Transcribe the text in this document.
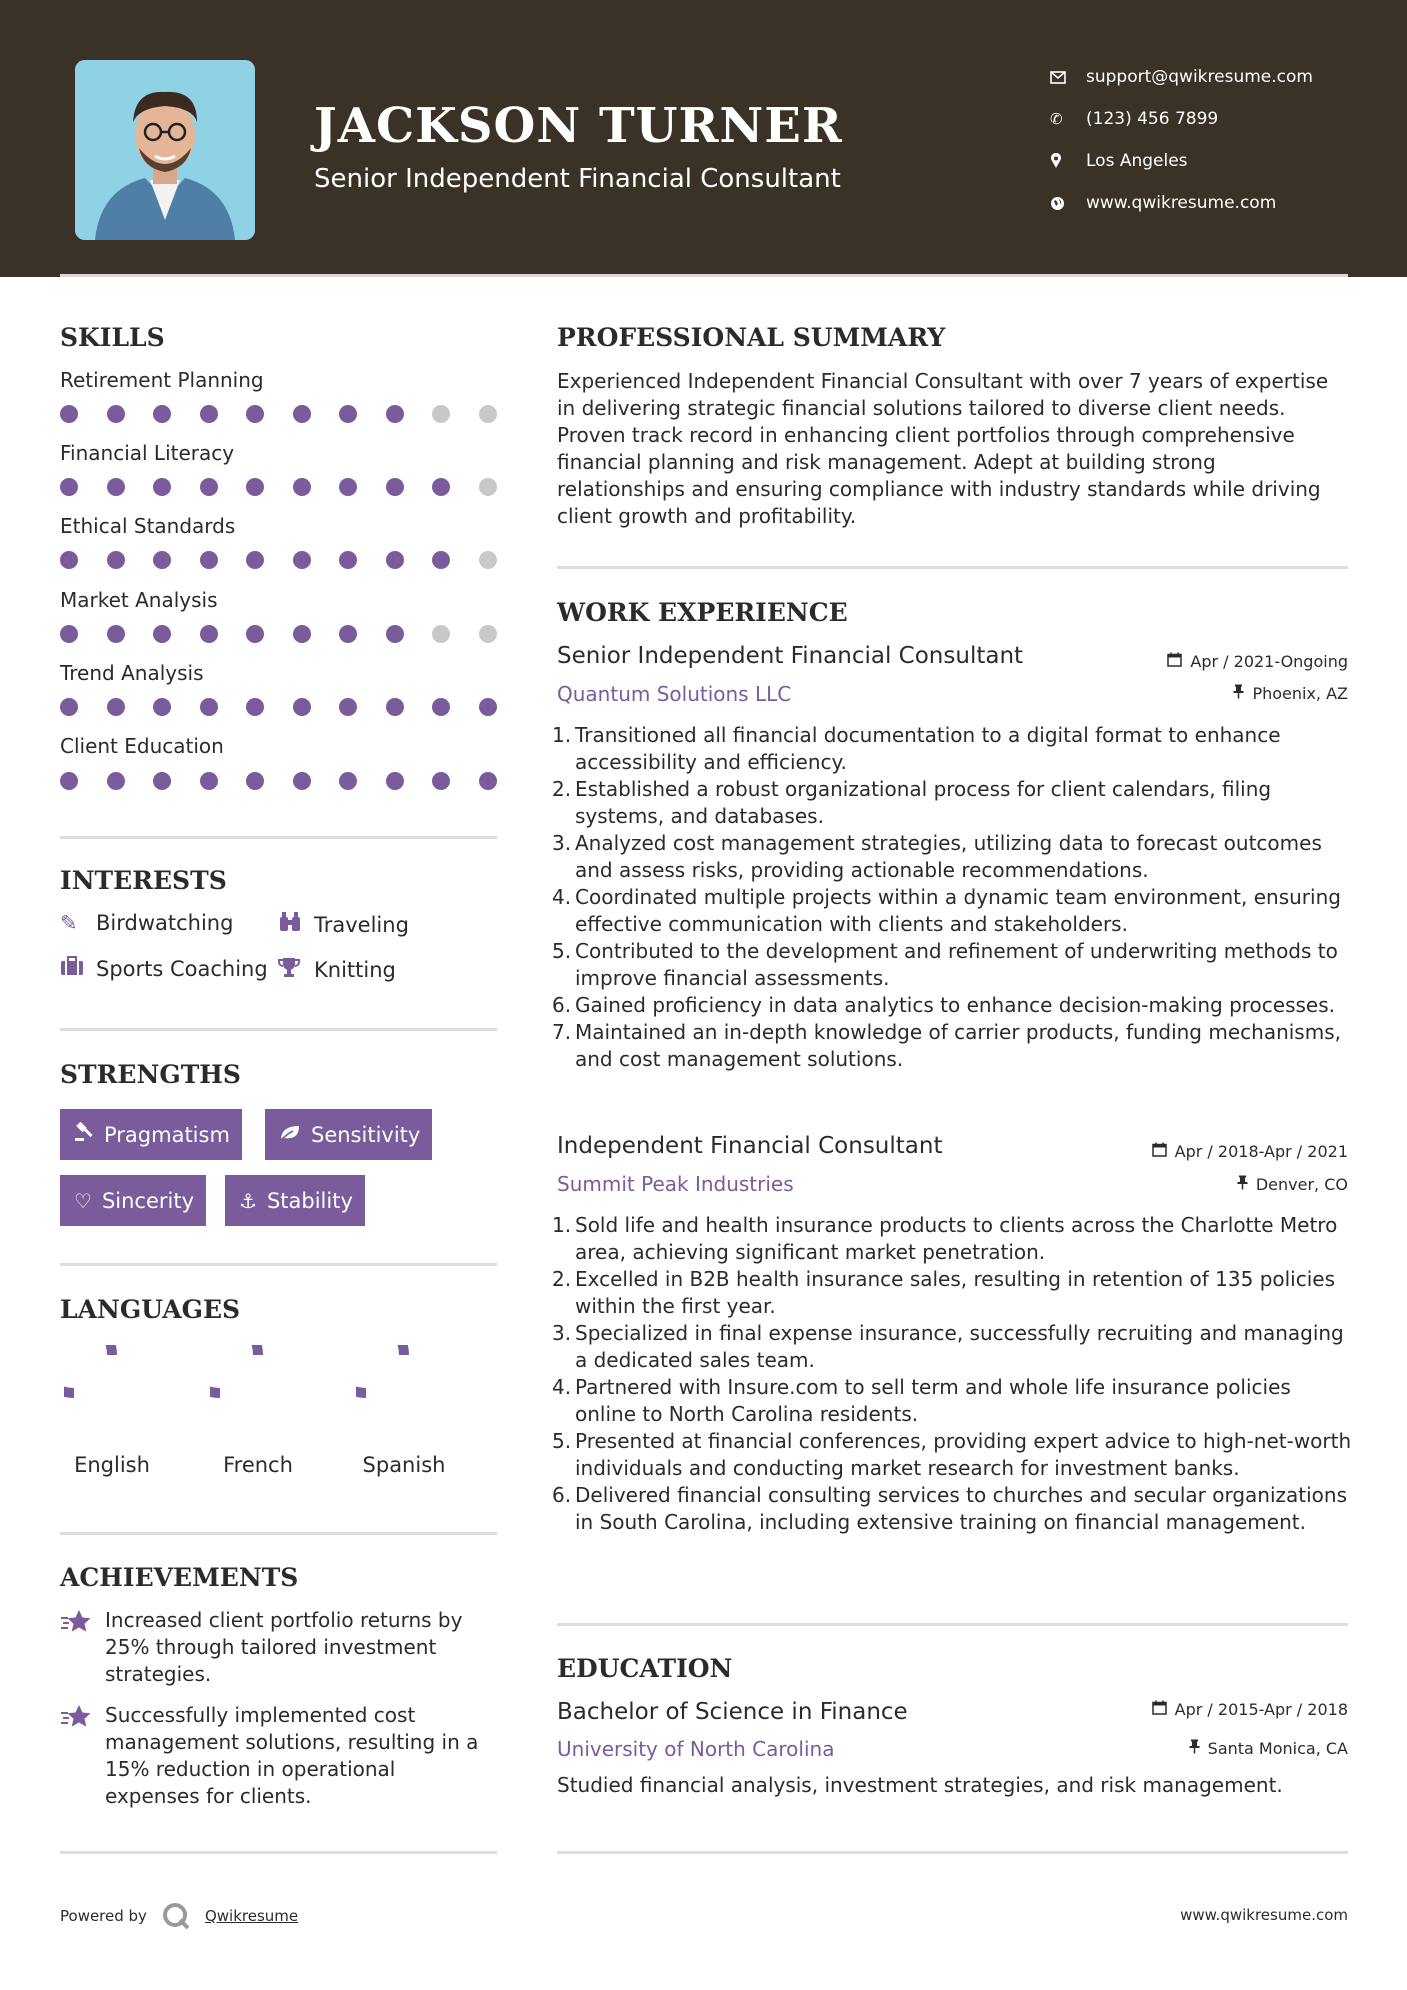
JACKSON TURNER
Senior Independent Financial Consultant
support@qwikresume.com
✆	(123) 456 7899
Los Angeles
www.qwikresume.com
SKILLS
Retirement Planning
Financial Literacy
Ethical Standards
Market Analysis
Trend Analysis
Client Education
INTERESTS
✎ Birdwatching	Traveling
Sports Coaching Knitting
STRENGTHS
Pragmatism	Sensitivity
♡ Sincerity ⚓ Stability
LANGUAGES
English	French	Spanish
ACHIEVEMENTS
Increased client portfolio returns by 25% through tailored investment strategies.
Successfully implemented cost management solutions, resulting in a 15% reduction in operational expenses for clients.
PROFESSIONAL SUMMARY
Experienced Independent Financial Consultant with over 7 years of expertise in delivering strategic financial solutions tailored to diverse client needs. Proven track record in enhancing client portfolios through comprehensive financial planning and risk management. Adept at building strong relationships and ensuring compliance with industry standards while driving client growth and profitability.
WORK EXPERIENCE
Senior Independent Financial Consultant	Apr / 2021-Ongoing
Quantum Solutions LLC	Phoenix, AZ
1. Transitioned all financial documentation to a digital format to enhance accessibility and efficiency.
2. Established a robust organizational process for client calendars, filing systems, and databases.
3. Analyzed cost management strategies, utilizing data to forecast outcomes and assess risks, providing actionable recommendations.
4. Coordinated multiple projects within a dynamic team environment, ensuring effective communication with clients and stakeholders.
5. Contributed to the development and refinement of underwriting methods to improve financial assessments.
6. Gained proficiency in data analytics to enhance decision-making processes.
7. Maintained an in-depth knowledge of carrier products, funding mechanisms, and cost management solutions.
Independent Financial Consultant	Apr / 2018-Apr / 2021
Summit Peak Industries	Denver, CO
1. Sold life and health insurance products to clients across the Charlotte Metro area, achieving significant market penetration.
2. Excelled in B2B health insurance sales, resulting in retention of 135 policies within the first year.
3. Specialized in final expense insurance, successfully recruiting and managing a dedicated sales team.
4. Partnered with Insure.com to sell term and whole life insurance policies online to North Carolina residents.
5. Presented at financial conferences, providing expert advice to high-net-worth individuals and conducting market research for investment banks.
6. Delivered financial consulting services to churches and secular organizations in South Carolina, including extensive training on financial management.
EDUCATION
Bachelor of Science in Finance	Apr / 2015-Apr / 2018
University of North Carolina	Santa Monica, CA
Studied financial analysis, investment strategies, and risk management.
Powered by	Qwikresume	www.qwikresume.com
